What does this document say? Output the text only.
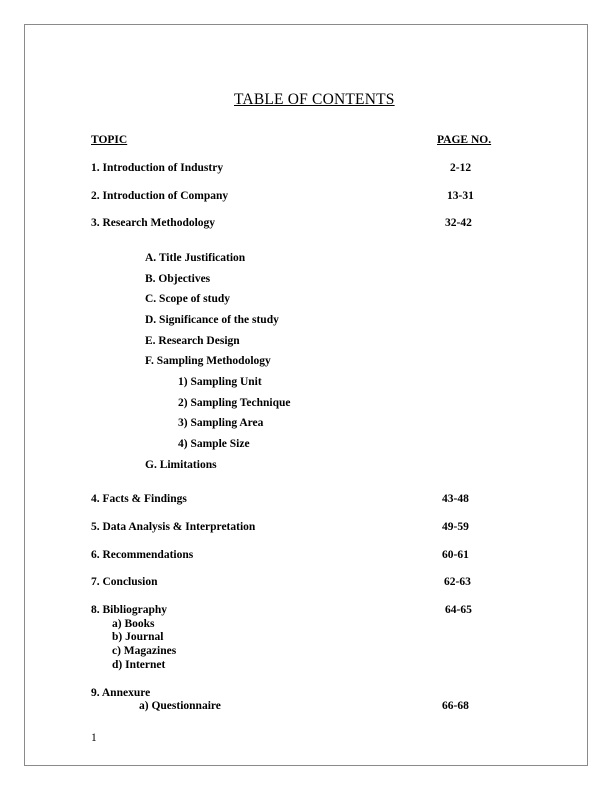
TABLE OF CONTENTS
TOPIC	PAGE NO.
1. Introduction of Industry	2-12
2. Introduction of Company	13-31
3. Research Methodology	32-42
A. Title Justification
B. Objectives
C. Scope of study
D. Significance of the study
E. Research Design
F. Sampling Methodology
1) Sampling Unit
2) Sampling Technique
3) Sampling Area
4) Sample Size
G. Limitations
4. Facts & Findings	43-48
5. Data Analysis & Interpretation	49-59
6. Recommendations	60-61
7. Conclusion	62-63
8. Bibliography	64-65
a) Books
b) Journal
c) Magazines
d) Internet
9. Annexure
a) Questionnaire	66-68
1
